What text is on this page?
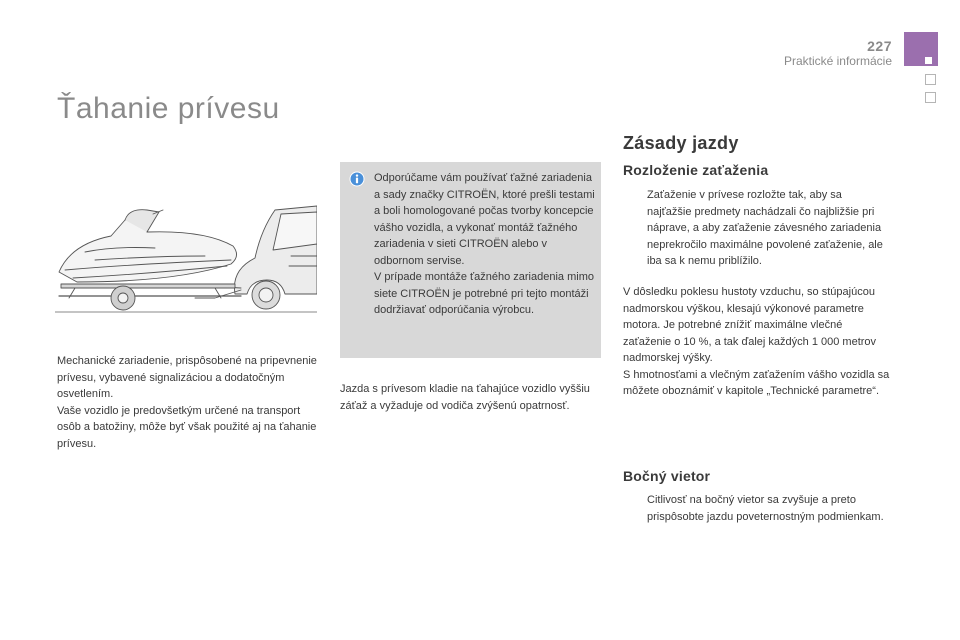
227
Praktické informácie
Ťahanie prívesu

Mechanické zariadenie, prispôsobené na pripevnenie prívesu, vybavené signalizáciou a dodatočným osvetlením.

Vaše vozidlo je predovšetkým určené na transport osôb a batožiny, môže byť však použité aj na ťahanie prívesu.

Odporúčame vám používať ťažné zariadenia a sady značky CITROËN, ktoré prešli testami a boli homologované počas tvorby koncepcie vášho vozidla, a vykonať montáž ťažného zariadenia v sieti CITROËN alebo v odbornom servise.

V prípade montáže ťažného zariadenia mimo siete CITROËN je potrebné pri tejto montáži dodržiavať odporúčania výrobcu.

Jazda s prívesom kladie na ťahajúce vozidlo vyššiu záťaž a vyžaduje od vodiča zvýšenú opatrnosť.
Zásady jazdy
Rozloženie zaťaženia
Zaťaženie v prívese rozložte tak, aby sa najťažšie predmety nachádzali čo najbližšie pri náprave, a aby zaťaženie závesného zariadenia neprekročilo maximálne povolené zaťaženie, ale iba sa k nemu priblížilo.

V dôsledku poklesu hustoty vzduchu, so stúpajúcou nadmorskou výškou, klesajú výkonové parametre motora. Je potrebné znížiť maximálne vlečné zaťaženie o 10 %, a tak ďalej každých 1 000 metrov nadmorskej výšky.

S hmotnosťami a vlečným zaťažením vášho vozidla sa môžete oboznámiť v kapitole „Technické parametre“.

Bočný vietor
Citlivosť na bočný vietor sa zvyšuje a preto prispôsobte jazdu poveternostným podmienkam.
